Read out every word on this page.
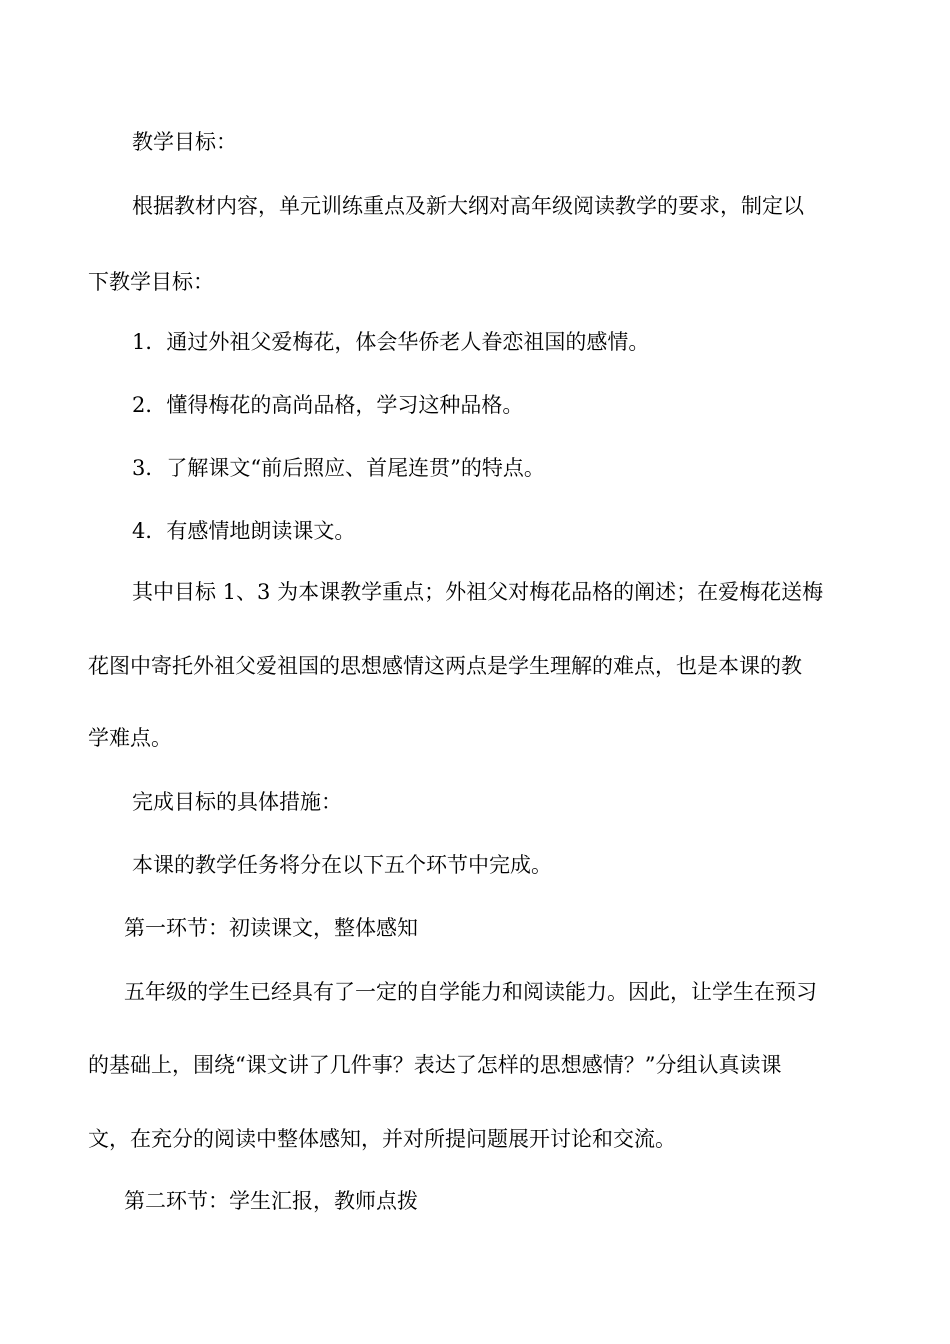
教学目标：
根据教材内容，单元训练重点及新大纲对高年级阅读教学的要求，制定以
下教学目标：
1．通过外祖父爱梅花，体会华侨老人眷恋祖国的感情。
2．懂得梅花的高尚品格，学习这种品格。
3．了解课文“前后照应、首尾连贯”的特点。
4．有感情地朗读课文。
其中目标 1、3 为本课教学重点；外祖父对梅花品格的阐述；在爱梅花送梅
花图中寄托外祖父爱祖国的思想感情这两点是学生理解的难点，也是本课的教
学难点。
完成目标的具体措施：
本课的教学任务将分在以下五个环节中完成。
第一环节：初读课文，整体感知
五年级的学生已经具有了一定的自学能力和阅读能力。因此，让学生在预习
的基础上，围绕“课文讲了几件事？表达了怎样的思想感情？”分组认真读课
文，在充分的阅读中整体感知，并对所提问题展开讨论和交流。
第二环节：学生汇报，教师点拨
